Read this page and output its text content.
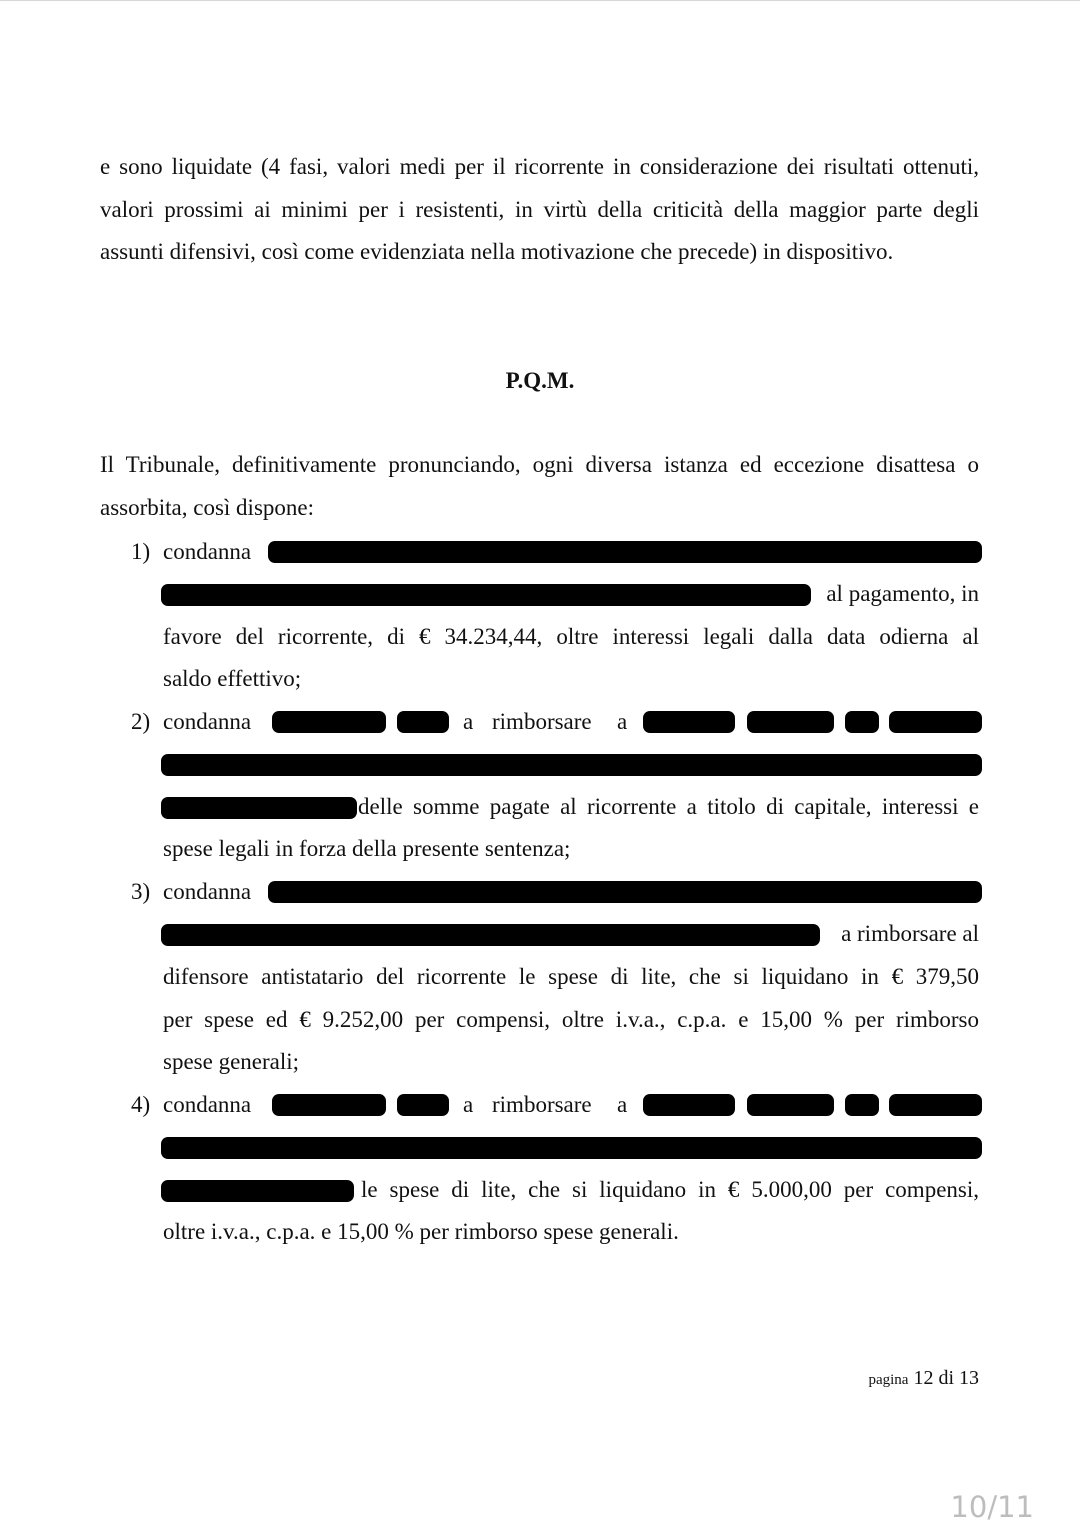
e sono liquidate (4 fasi, valori medi per il ricorrente in considerazione dei risultati ottenuti, valori prossimi ai minimi per i resistenti, in virtù della criticità della maggior parte degli assunti difensivi, così come evidenziata nella motivazione che precede) in dispositivo.

P.Q.M.

Il Tribunale, definitivamente pronunciando, ogni diversa istanza ed eccezione disattesa o assorbita, così dispone:

1) condanna
al pagamento, in
favore del ricorrente, di € 34.234,44, oltre interessi legali dalla data odierna al
saldo effettivo;
2) condanna	a rimborsare a
delle somme pagate al ricorrente a titolo di capitale, interessi e
spese legali in forza della presente sentenza;
3) condanna
a rimborsare al
difensore antistatario del ricorrente le spese di lite, che si liquidano in € 379,50
per spese ed € 9.252,00 per compensi, oltre i.v.a., c.p.a. e 15,00 % per rimborso
spese generali;
4) condanna	a rimborsare a
le spese di lite, che si liquidano in € 5.000,00 per compensi,
oltre i.v.a., c.p.a. e 15,00 % per rimborso spese generali.
pagina 12 di 13
10/11
